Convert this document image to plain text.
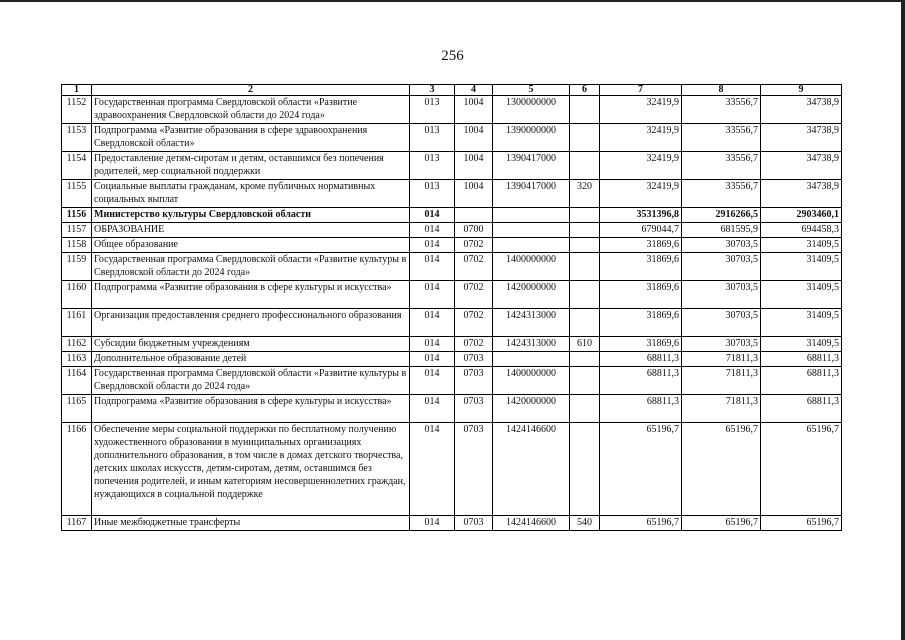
256
1	2	3	4	5	6	7	8	9
1152	Государственная программа Свердловской области «Развитие здравоохранения Свердловской области до 2024 года»	013	1004	1300000000		32419,9	33556,7	34738,9
1153	Подпрограмма «Развитие образования в сфере здравоохранения Свердловской области»	013	1004	1390000000		32419,9	33556,7	34738,9
1154	Предоставление детям-сиротам и детям, оставшимся без попечения родителей, мер социальной поддержки	013	1004	1390417000		32419,9	33556,7	34738,9
1155	Социальные выплаты гражданам, кроме публичных нормативных социальных выплат	013	1004	1390417000	320	32419,9	33556,7	34738,9
1156	Министерство культуры Свердловской области	014				3531396,8	2916266,5	2903460,1
1157	ОБРАЗОВАНИЕ	014	0700			679044,7	681595,9	694458,3
1158	Общее образование	014	0702			31869,6	30703,5	31409,5
1159	Государственная программа Свердловской области «Развитие культуры в Свердловской области до 2024 года»	014	0702	1400000000		31869,6	30703,5	31409,5
1160	Подпрограмма «Развитие образования в сфере культуры и искусства»	014	0702	1420000000		31869,6	30703,5	31409,5
1161	Организация предоставления среднего профессионального образования	014	0702	1424313000		31869,6	30703,5	31409,5
1162	Субсидии бюджетным учреждениям	014	0702	1424313000	610	31869,6	30703,5	31409,5
1163	Дополнительное образование детей	014	0703			68811,3	71811,3	68811,3
1164	Государственная программа Свердловской области «Развитие культуры в Свердловской области до 2024 года»	014	0703	1400000000		68811,3	71811,3	68811,3
1165	Подпрограмма «Развитие образования в сфере культуры и искусства»	014	0703	1420000000		68811,3	71811,3	68811,3
1166	Обеспечение меры социальной поддержки по бесплатному получению художественного образования в муниципальных организациях дополнительного образования, в том числе в домах детского творчества, детских школах искусств, детям-сиротам, детям, оставшимся без попечения родителей, и иным категориям несовершеннолетних граждан, нуждающихся в социальной поддержке	014	0703	1424146600		65196,7	65196,7	65196,7
1167	Иные межбюджетные трансферты	014	0703	1424146600	540	65196,7	65196,7	65196,7
